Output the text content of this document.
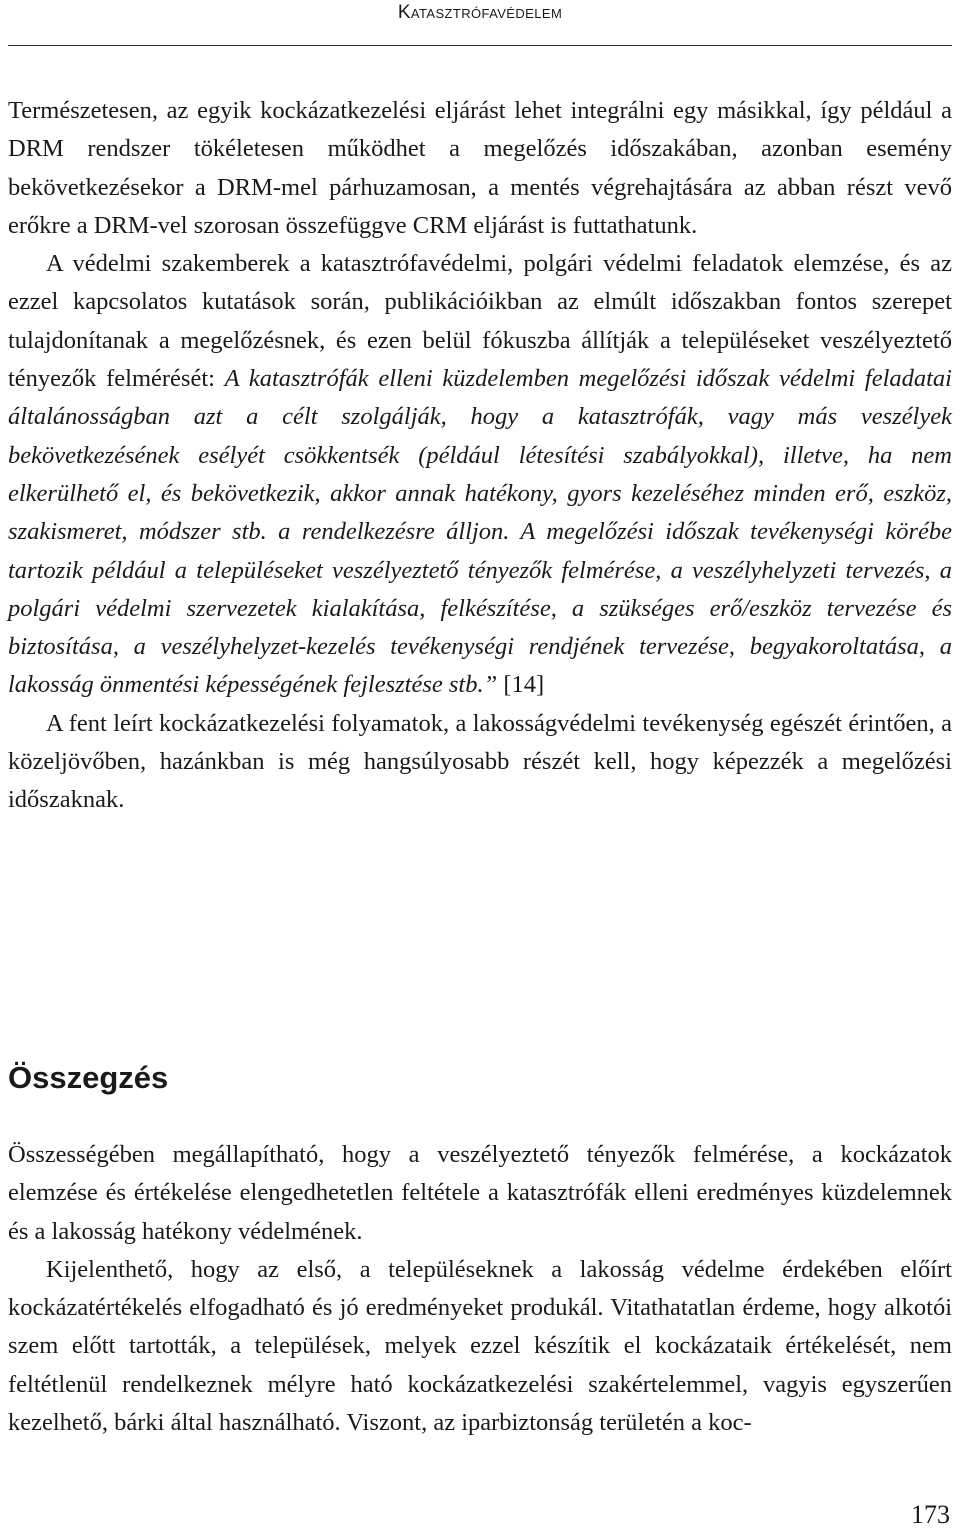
Katasztrófavédelem

Természetesen, az egyik kockázatkezelési eljárást lehet integrálni egy másikkal, így például a DRM rendszer tökéletesen működhet a megelőzés időszakában, azonban esemény bekövetkezésekor a DRM-mel párhuzamosan, a mentés végrehajtására az abban részt vevő erőkre a DRM-vel szorosan összefüggve CRM eljárást is futtathatunk.

A védelmi szakemberek a katasztrófavédelmi, polgári védelmi feladatok elemzése, és az ezzel kapcsolatos kutatások során, publikációikban az elmúlt időszakban fontos szerepet tulajdonítanak a megelőzésnek, és ezen belül fókuszba állítják a településeket veszélyeztető tényezők felmérését: A katasztrófák elleni küzdelemben megelőzési időszak védelmi feladatai általánosságban azt a célt szolgálják, hogy a katasztrófák, vagy más veszélyek bekövetkezésének esélyét csökkentsék (például létesítési szabályokkal), illetve, ha nem elkerülhető el, és bekövetkezik, akkor annak hatékony, gyors kezeléséhez minden erő, eszköz, szakismeret, módszer stb. a rendelkezésre álljon. A megelőzési időszak tevékenységi körébe tartozik például a településeket veszélyeztető tényezők felmérése, a veszélyhelyzeti tervezés, a polgári védelmi szervezetek kialakítása, felkészítése, a szükséges erő/eszköz tervezése és biztosítása, a veszélyhelyzet-kezelés tevékenységi rendjének tervezése, begyakoroltatása, a lakosság önmentési képességének fejlesztése stb.” [14]

A fent leírt kockázatkezelési folyamatok, a lakosságvédelmi tevékenység egészét érintően, a közeljövőben, hazánkban is még hangsúlyosabb részét kell, hogy képezzék a megelőzési időszaknak.

Összegzés

Összességében megállapítható, hogy a veszélyeztető tényezők felmérése, a kockázatok elemzése és értékelése elengedhetetlen feltétele a katasztrófák elleni eredményes küzdelemnek és a lakosság hatékony védelmének.

Kijelenthető, hogy az első, a településeknek a lakosság védelme érdekében előírt kockázatértékelés elfogadható és jó eredményeket produkál. Vitathatatlan érdeme, hogy alkotói szem előtt tartották, a települések, melyek ezzel készítik el kockázataik értékelését, nem feltétlenül rendelkeznek mélyre ható kockázatkezelési szakértelemmel, vagyis egyszerűen kezelhető, bárki által használható. Viszont, az iparbiztonság területén a koc-

173
